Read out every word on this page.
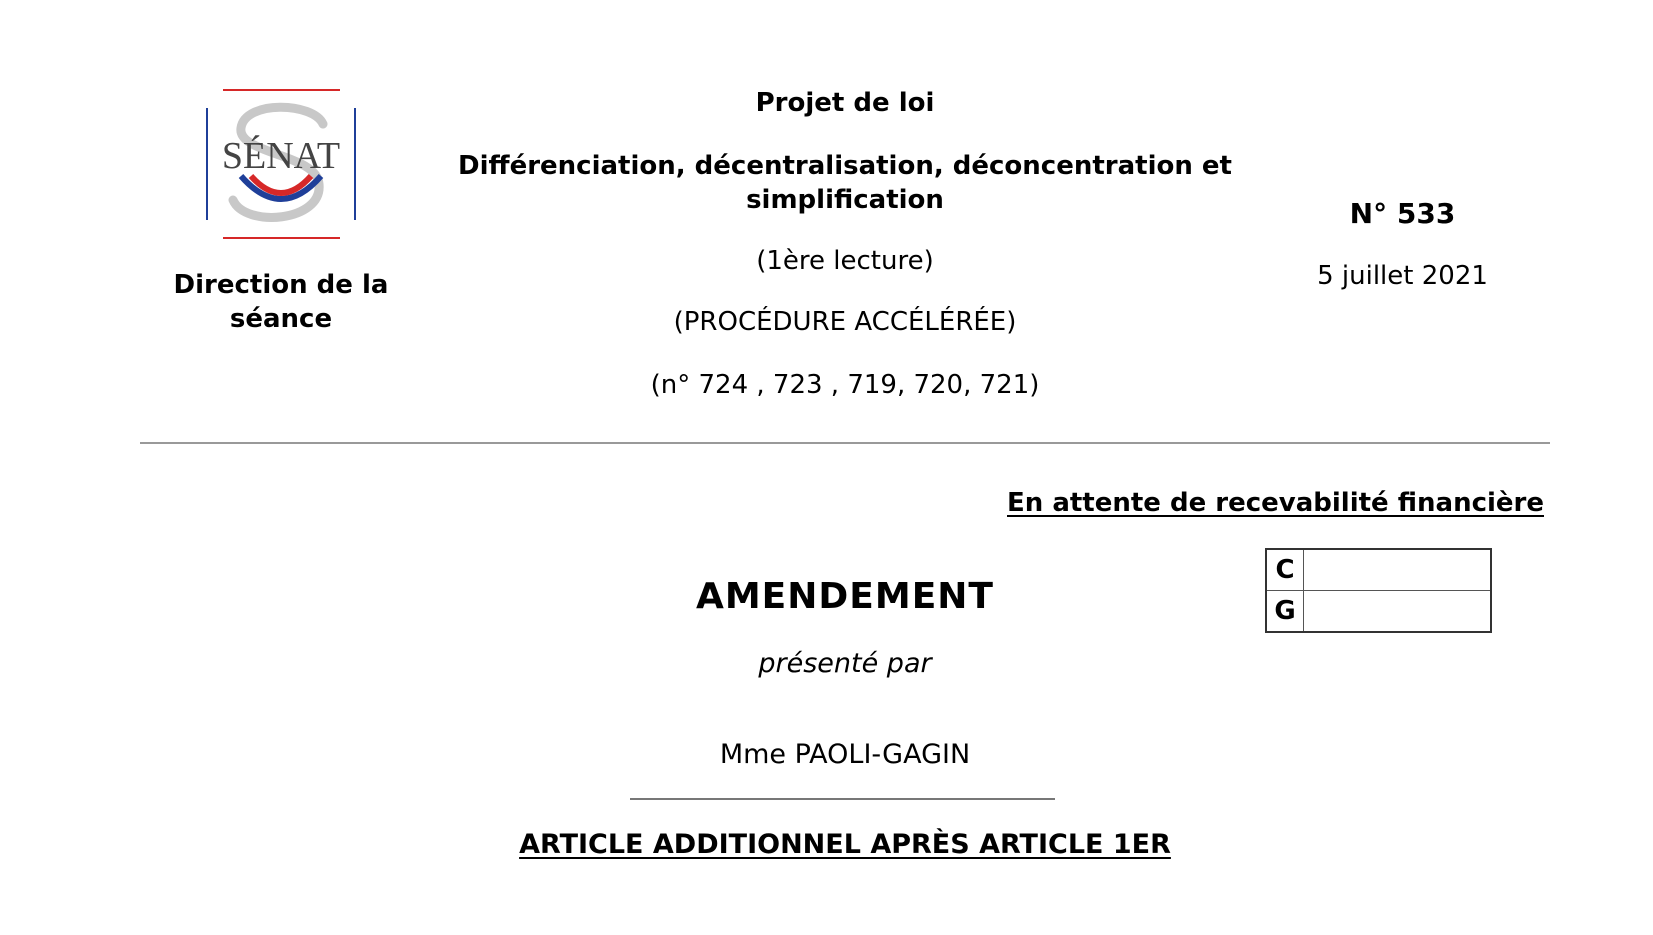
SÉNAT
Direction de la séance
Projet de loi
Différenciation, décentralisation, déconcentration et simplification
(1ère lecture)
(PROCÉDURE ACCÉLÉRÉE)
(n° 724 , 723 , 719, 720, 721)
N° 533
5 juillet 2021
En attente de recevabilité financière
C	
G	
AMENDEMENT
présenté par
Mme PAOLI-GAGIN
ARTICLE ADDITIONNEL APRÈS ARTICLE 1ER
